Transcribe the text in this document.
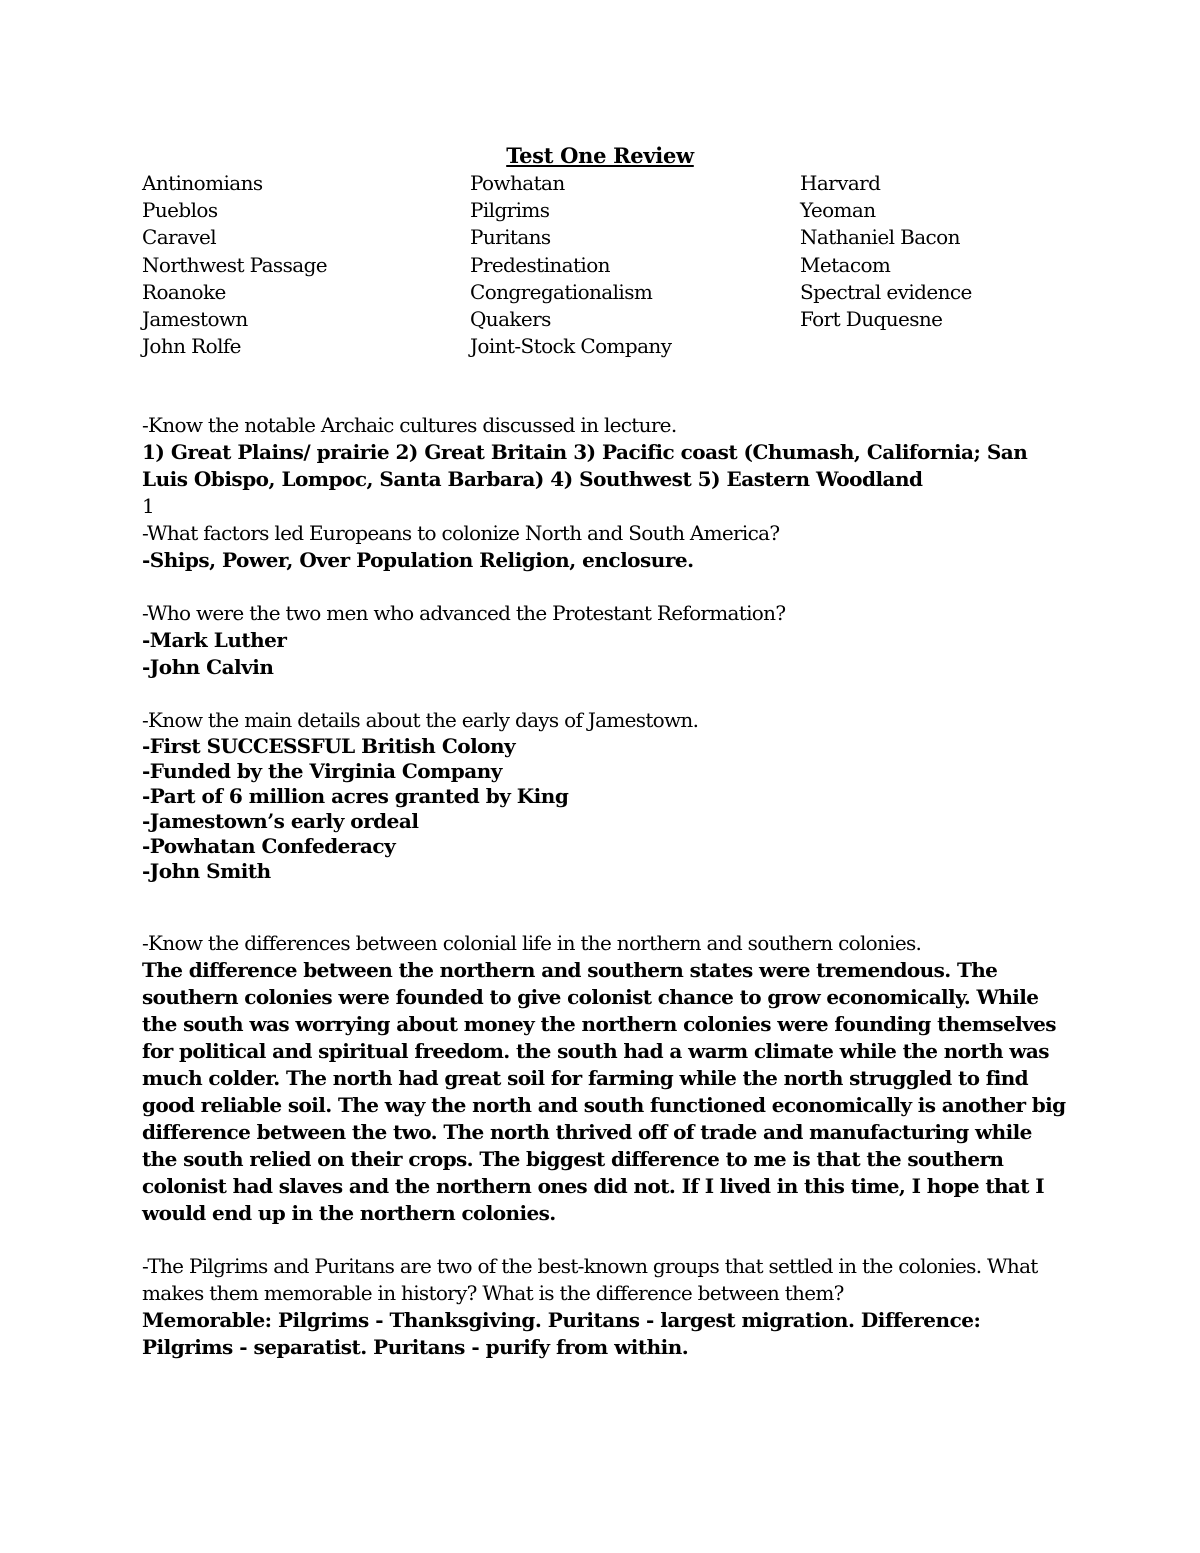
Test One Review
Antinomians
Pueblos
Caravel
Northwest Passage
Roanoke
Jamestown
John Rolfe
Powhatan
Pilgrims
Puritans
Predestination
Congregationalism
Quakers
Joint-Stock Company
Harvard
Yeoman
Nathaniel Bacon
Metacom
Spectral evidence
Fort Duquesne
-Know the notable Archaic cultures discussed in lecture.
1) Great Plains/ prairie 2) Great Britain 3) Pacific coast (Chumash, California; San Luis Obispo, Lompoc, Santa Barbara) 4) Southwest 5) Eastern Woodland
1
-What factors led Europeans to colonize North and South America?
-Ships, Power, Over Population Religion, enclosure.
-Who were the two men who advanced the Protestant Reformation?
-Mark Luther
-John Calvin
-Know the main details about the early days of Jamestown.
-First SUCCESSFUL British Colony
-Funded by the Virginia Company
-Part of 6 million acres granted by King
-Jamestown’s early ordeal
-Powhatan Confederacy
-John Smith
-Know the differences between colonial life in the northern and southern colonies.
The difference between the northern and southern states were tremendous. The southern colonies were founded to give colonist chance to grow economically. While the south was worrying about money the northern colonies were founding themselves for political and spiritual freedom. the south had a warm climate while the north was much colder. The north had great soil for farming while the north struggled to find good reliable soil. The way the north and south functioned economically is another big difference between the two. The north thrived off of trade and manufacturing while the south relied on their crops. The biggest difference to me is that the southern colonist had slaves and the northern ones did not. If I lived in this time, I hope that I would end up in the northern colonies.
-The Pilgrims and Puritans are two of the best-known groups that settled in the colonies. What makes them memorable in history? What is the difference between them?
Memorable: Pilgrims - Thanksgiving. Puritans - largest migration. Difference: Pilgrims - separatist. Puritans - purify from within.
